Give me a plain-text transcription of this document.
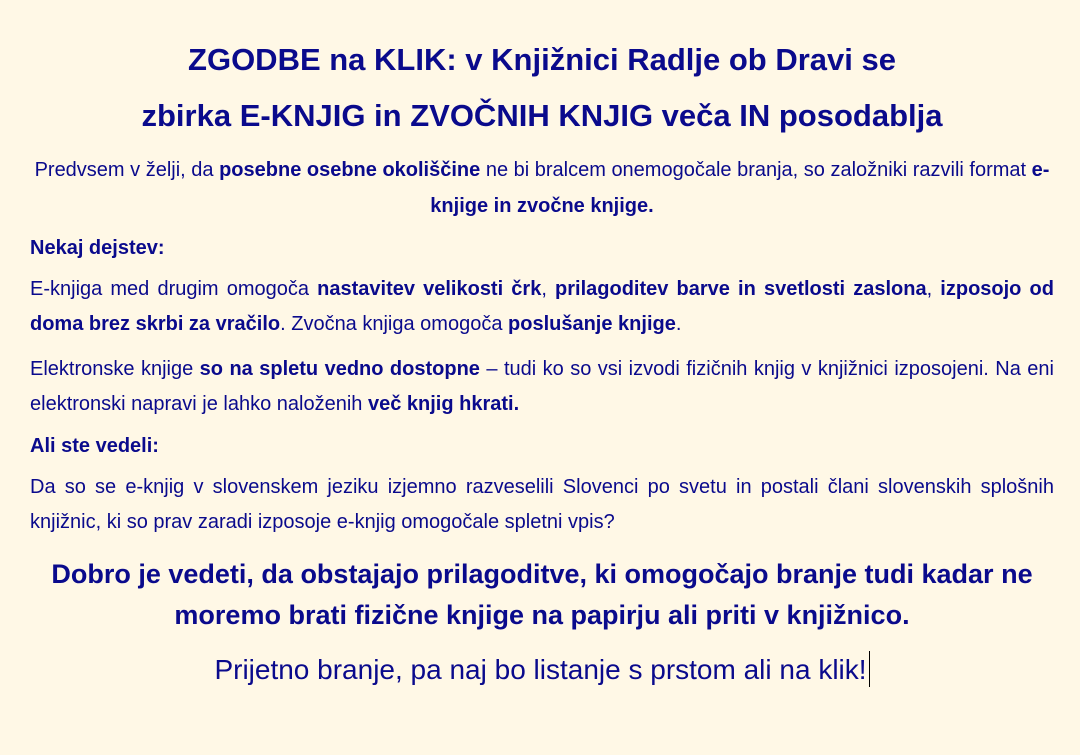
ZGODBE na KLIK: v Knjižnici Radlje ob Dravi se
zbirka E-KNJIG in ZVOČNIH KNJIG veča IN posodablja

Predvsem v želji, da posebne osebne okoliščine ne bi bralcem onemogočale branja, so založniki razvili format e-knjige in zvočne knjige.

Nekaj dejstev:

E-knjiga med drugim omogoča nastavitev velikosti črk, prilagoditev barve in svetlosti zaslona, izposojo od doma brez skrbi za vračilo. Zvočna knjiga omogoča poslušanje knjige.

Elektronske knjige so na spletu vedno dostopne – tudi ko so vsi izvodi fizičnih knjig v knjižnici izposojeni. Na eni elektronski napravi je lahko naloženih več knjig hkrati.

Ali ste vedeli:

Da so se e-knjig v slovenskem jeziku izjemno razveselili Slovenci po svetu in postali člani slovenskih splošnih knjižnic, ki so prav zaradi izposoje e-knjig omogočale spletni vpis?

Dobro je vedeti, da obstajajo prilagoditve, ki omogočajo branje tudi kadar ne moremo brati fizične knjige na papirju ali priti v knjižnico.

Prijetno branje, pa naj bo listanje s prstom ali na klik!
